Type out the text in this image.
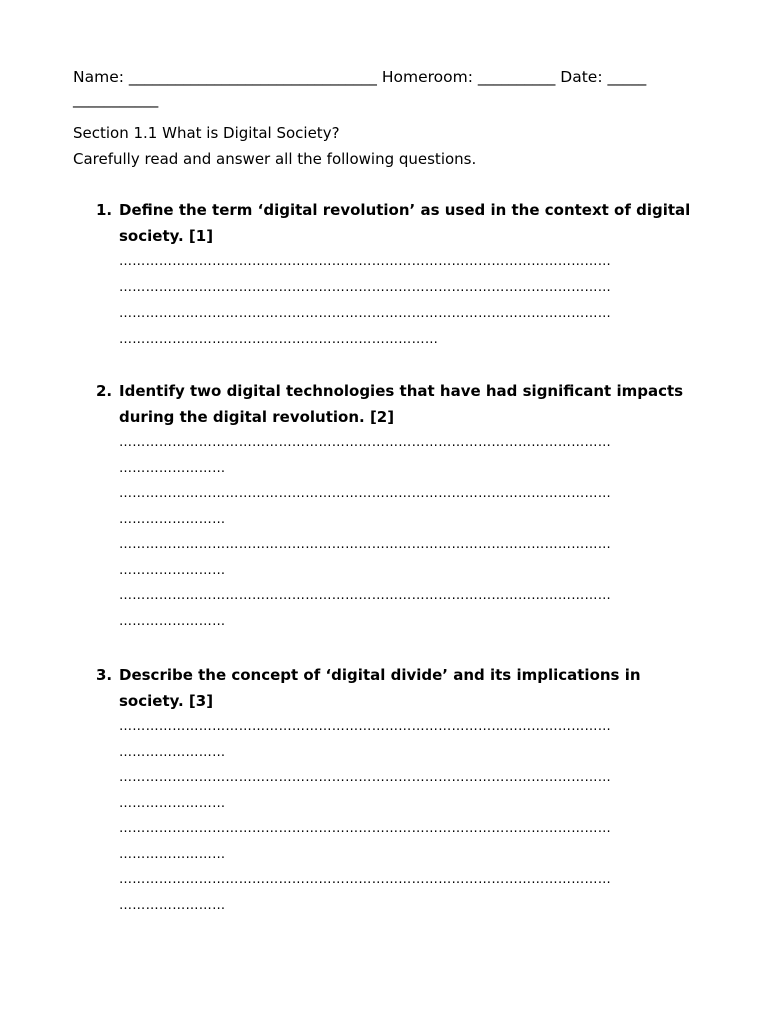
Name: ________________________________ Homeroom: __________ Date: _____
___________
Section 1.1 What is Digital Society?
Carefully read and answer all the following questions.
1. Define the term ‘digital revolution’ as used in the context of digital society. [1]
…………………………………………………………………………………………………
…………………………………………………………………………………………………
…………………………………………………………………………………………………
………………………………………………………………
2. Identify two digital technologies that have had significant impacts during the digital revolution. [2]
…………………………………………………………………………………………………
……………………
…………………………………………………………………………………………………
……………………
…………………………………………………………………………………………………
……………………
…………………………………………………………………………………………………
……………………
3. Describe the concept of ‘digital divide’ and its implications in society. [3]
…………………………………………………………………………………………………
……………………
…………………………………………………………………………………………………
……………………
…………………………………………………………………………………………………
……………………
…………………………………………………………………………………………………
……………………
